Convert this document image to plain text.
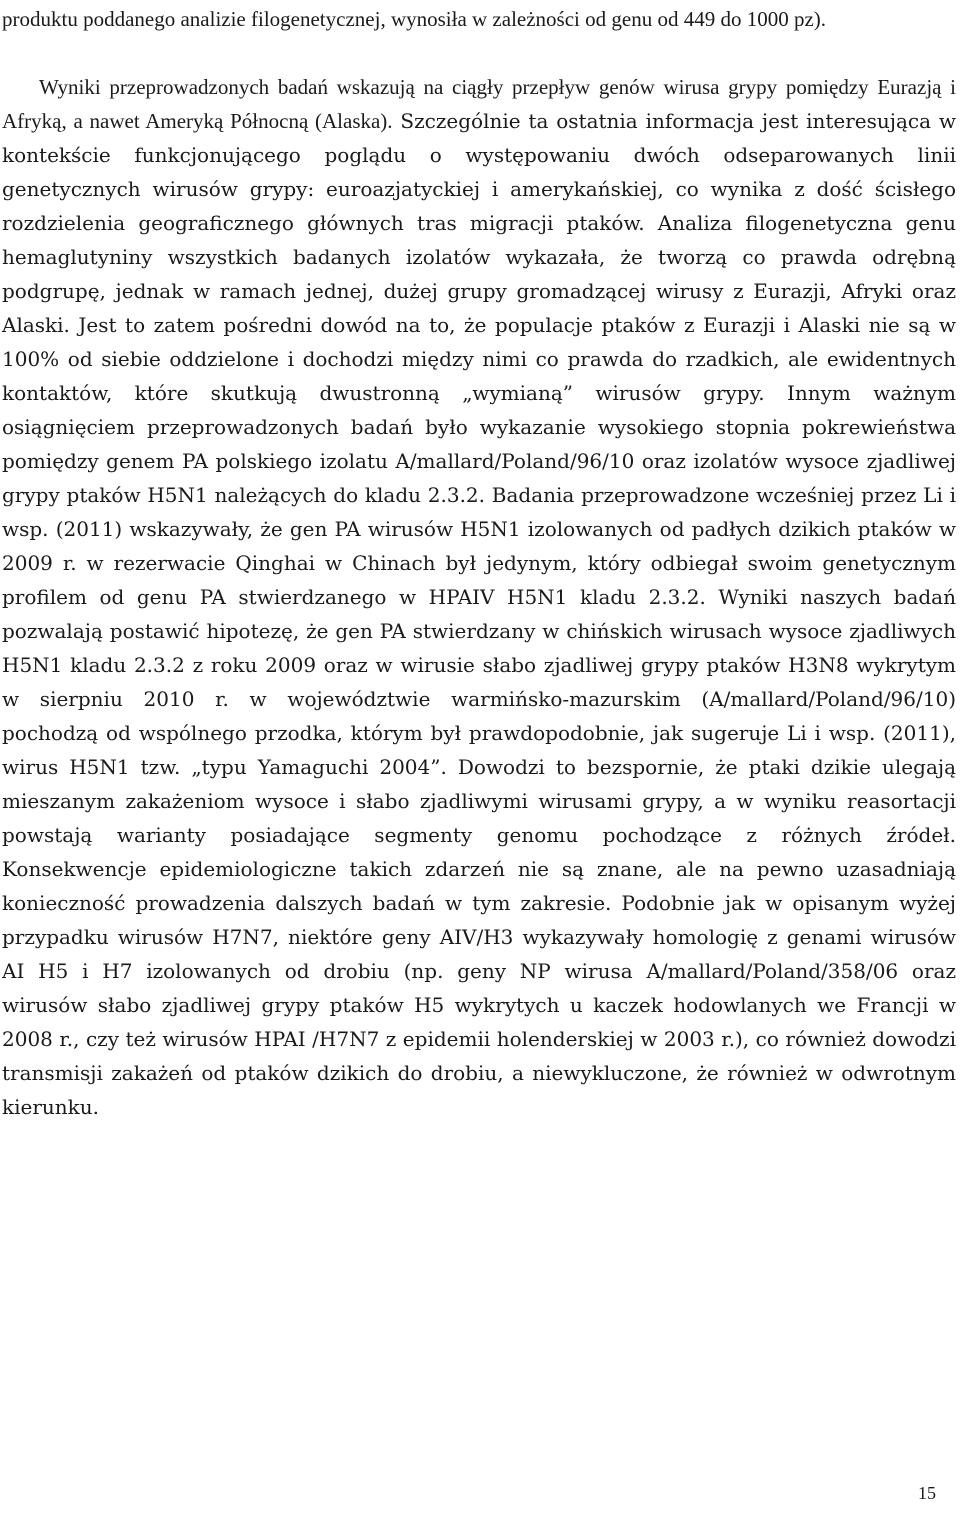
produktu poddanego analizie filogenetycznej, wynosiła w zależności od genu od 449 do 1000 pz).

Wyniki przeprowadzonych badań wskazują na ciągły przepływ genów wirusa grypy pomiędzy Eurazją i Afryką, a nawet Ameryką Północną (Alaska). Szczególnie ta ostatnia informacja jest interesująca w kontekście funkcjonującego poglądu o występowaniu dwóch odseparowanych linii genetycznych wirusów grypy: euroazjatyckiej i amerykańskiej, co wynika z dość ścisłego rozdzielenia geograficznego głównych tras migracji ptaków. Analiza filogenetyczna genu hemaglutyniny wszystkich badanych izolatów wykazała, że tworzą co prawda odrębną podgrupę, jednak w ramach jednej, dużej grupy gromadzącej wirusy z Eurazji, Afryki oraz Alaski. Jest to zatem pośredni dowód na to, że populacje ptaków z Eurazji i Alaski nie są w 100% od siebie oddzielone i dochodzi między nimi co prawda do rzadkich, ale ewidentnych kontaktów, które skutkują dwustronną „wymianą” wirusów grypy. Innym ważnym osiągnięciem przeprowadzonych badań było wykazanie wysokiego stopnia pokrewieństwa pomiędzy genem PA polskiego izolatu A/mallard/Poland/96/10 oraz izolatów wysoce zjadliwej grypy ptaków H5N1 należących do kladu 2.3.2. Badania przeprowadzone wcześniej przez Li i wsp. (2011) wskazywały, że gen PA wirusów H5N1 izolowanych od padłych dzikich ptaków w 2009 r. w rezerwacie Qinghai w Chinach był jedynym, który odbiegał swoim genetycznym profilem od genu PA stwierdzanego w HPAIV H5N1 kladu 2.3.2. Wyniki naszych badań pozwalają postawić hipotezę, że gen PA stwierdzany w chińskich wirusach wysoce zjadliwych H5N1 kladu 2.3.2 z roku 2009 oraz w wirusie słabo zjadliwej grypy ptaków H3N8 wykrytym w sierpniu 2010 r. w województwie warmińsko-mazurskim (A/mallard/Poland/96/10) pochodzą od wspólnego przodka, którym był prawdopodobnie, jak sugeruje Li i wsp. (2011), wirus H5N1 tzw. „typu Yamaguchi 2004”. Dowodzi to bezspornie, że ptaki dzikie ulegają mieszanym zakażeniom wysoce i słabo zjadliwymi wirusami grypy, a w wyniku reasortacji powstają warianty posiadające segmenty genomu pochodzące z różnych źródeł. Konsekwencje epidemiologiczne takich zdarzeń nie są znane, ale na pewno uzasadniają konieczność prowadzenia dalszych badań w tym zakresie. Podobnie jak w opisanym wyżej przypadku wirusów H7N7, niektóre geny AIV/H3 wykazywały homologię z genami wirusów AI H5 i H7 izolowanych od drobiu (np. geny NP wirusa A/mallard/Poland/358/06 oraz wirusów słabo zjadliwej grypy ptaków H5 wykrytych u kaczek hodowlanych we Francji w 2008 r., czy też wirusów HPAI /H7N7 z epidemii holenderskiej w 2003 r.), co również dowodzi transmisji zakażeń od ptaków dzikich do drobiu, a niewykluczone, że również w odwrotnym kierunku.

15
